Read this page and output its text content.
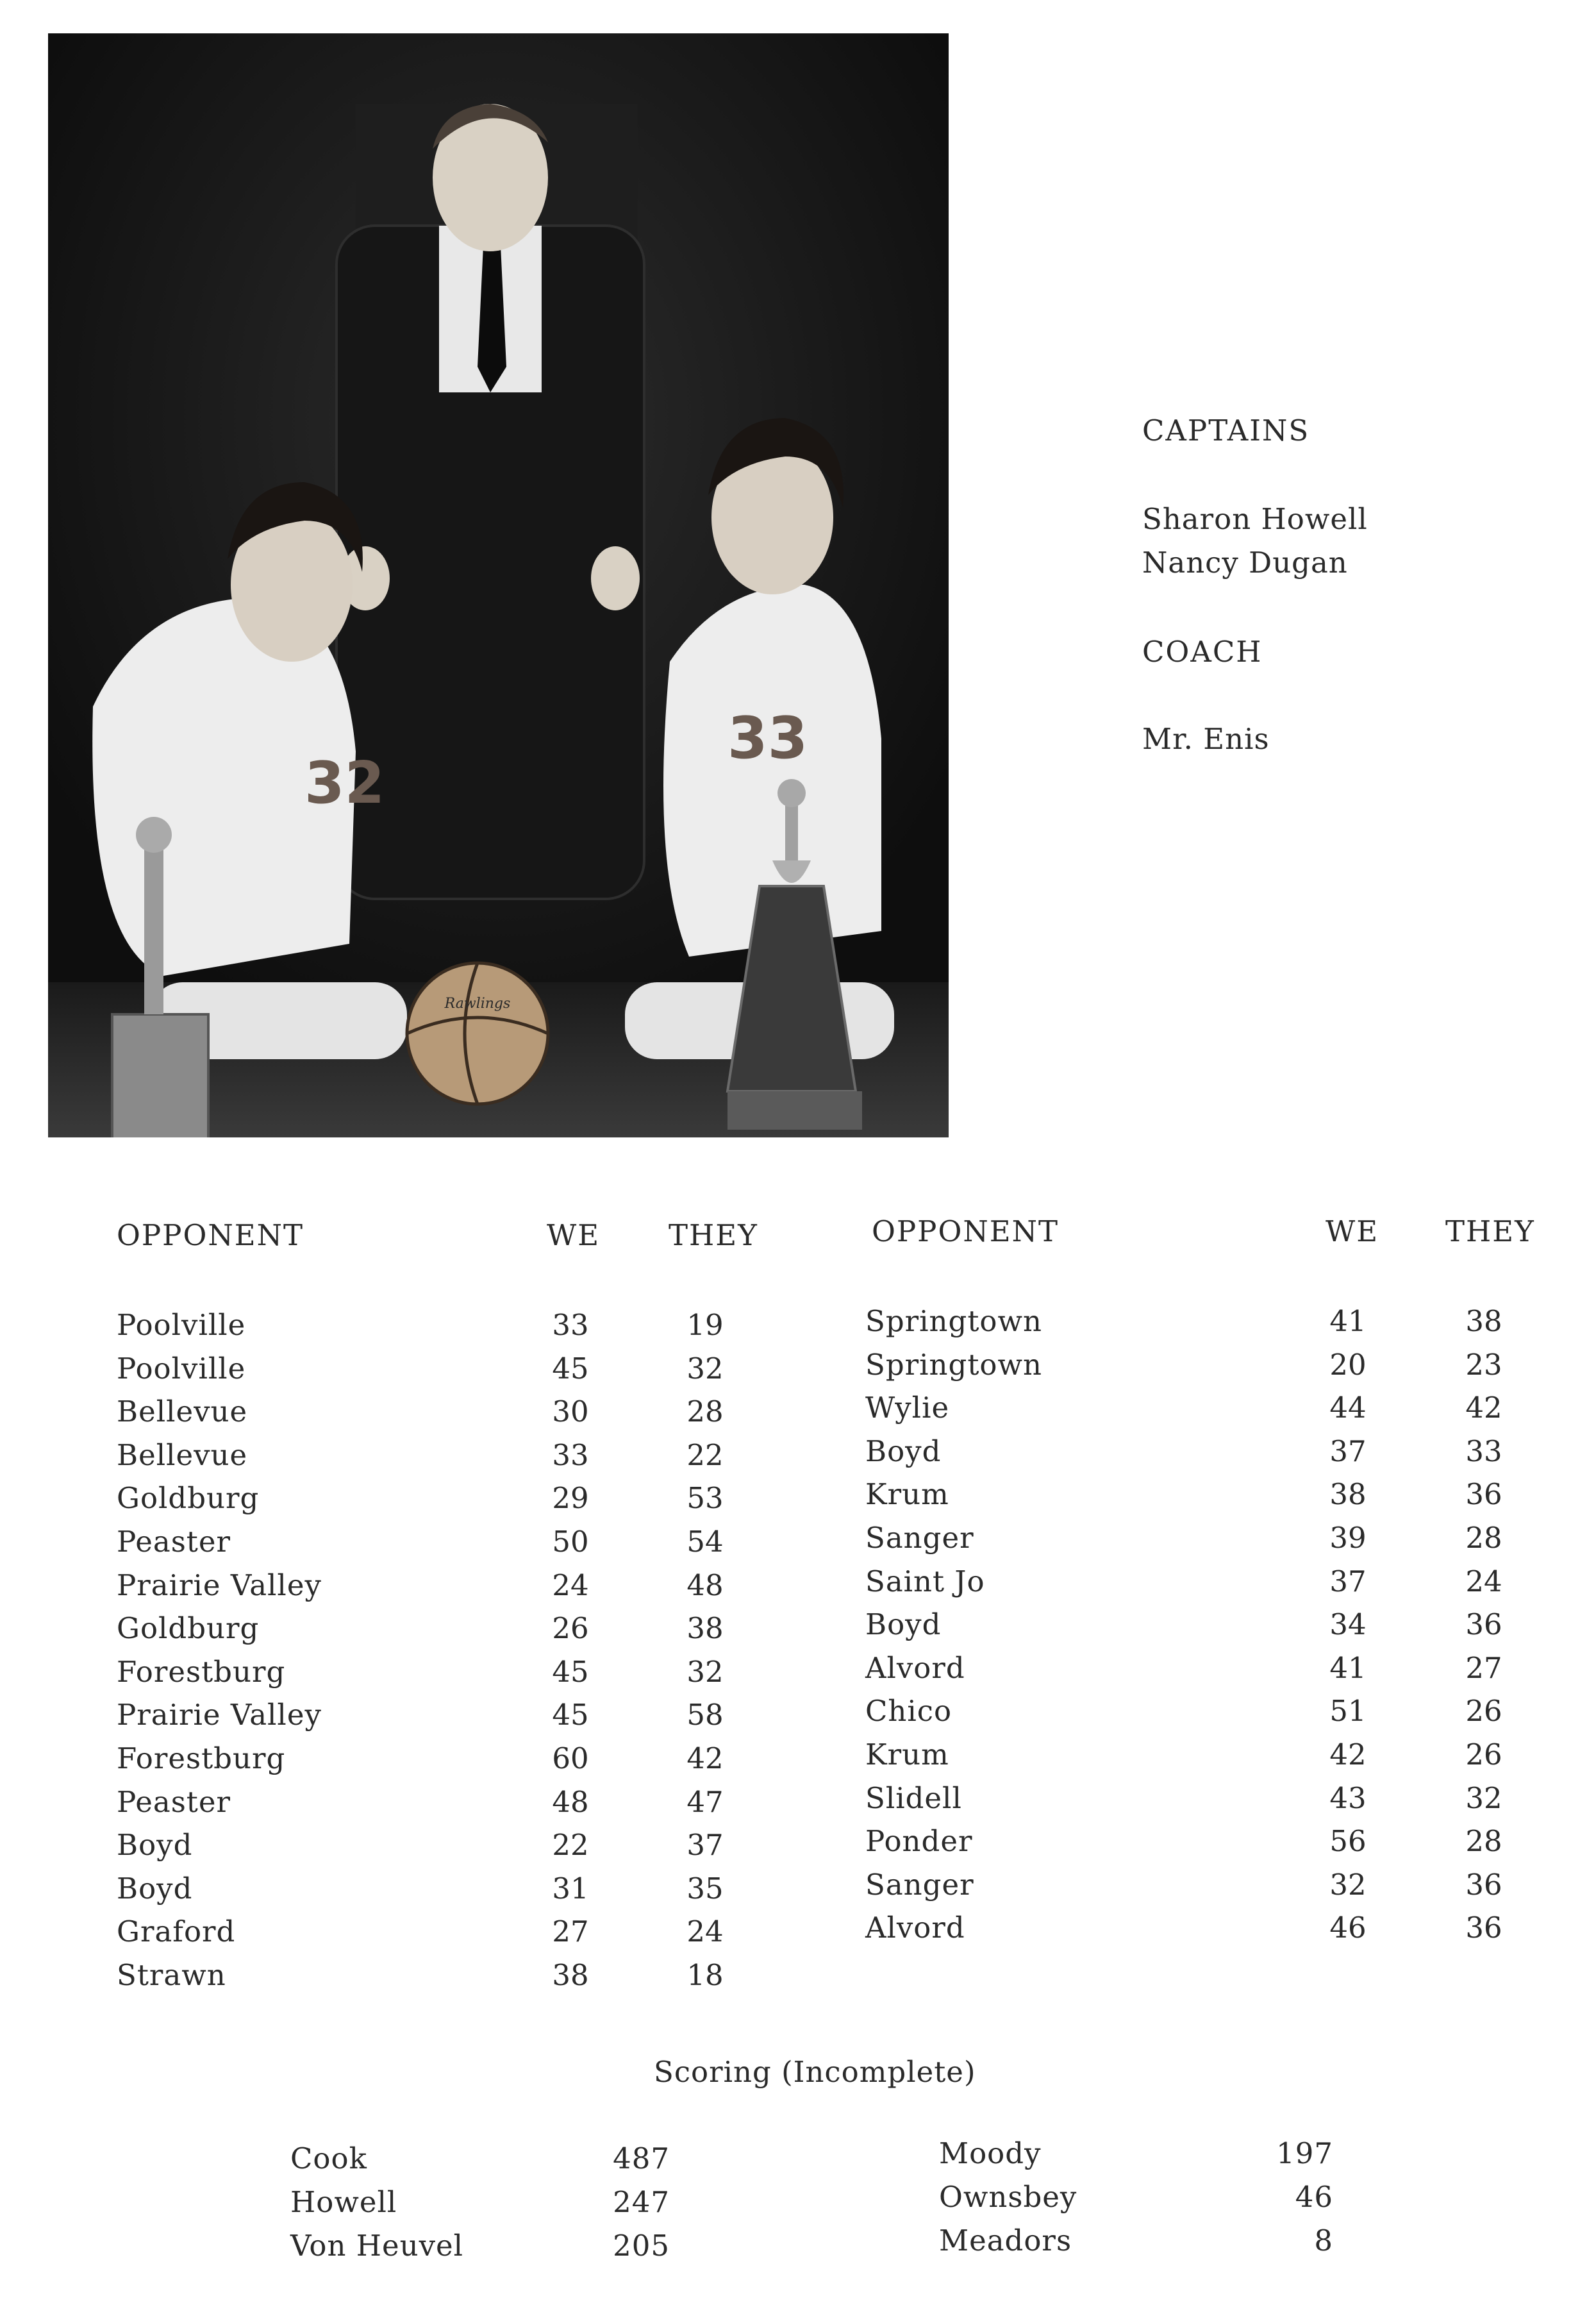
32
33
Rawlings
CAPTAINS
Sharon Howell
Nancy Dugan
COACH
Mr. Enis
OPPONENT	WE THEY
Poolville	33	19
Poolville	45	32
Bellevue	30	28
Bellevue	33	22
Goldburg	29	53
Peaster	50	54
Prairie Valley	24	48
Goldburg	26	38
Forestburg	45	32
Prairie Valley	45	58
Forestburg	60	42
Peaster	48	47
Boyd	22	37
Boyd	31	35
Graford	27	24
Strawn	38	18
OPPONENT	WE THEY
Springtown	41	38
Springtown	20	23
Wylie	44	42
Boyd	37	33
Krum	38	36
Sanger	39	28
Saint Jo	37	24
Boyd	34	36
Alvord	41	27
Chico	51	26
Krum	42	26
Slidell	43	32
Ponder	56	28
Sanger	32	36
Alvord	46	36
Scoring (Incomplete)
Cook	487
Howell	247
Von Heuvel	205
Moody	197
Ownsbey	46
Meadors	8
